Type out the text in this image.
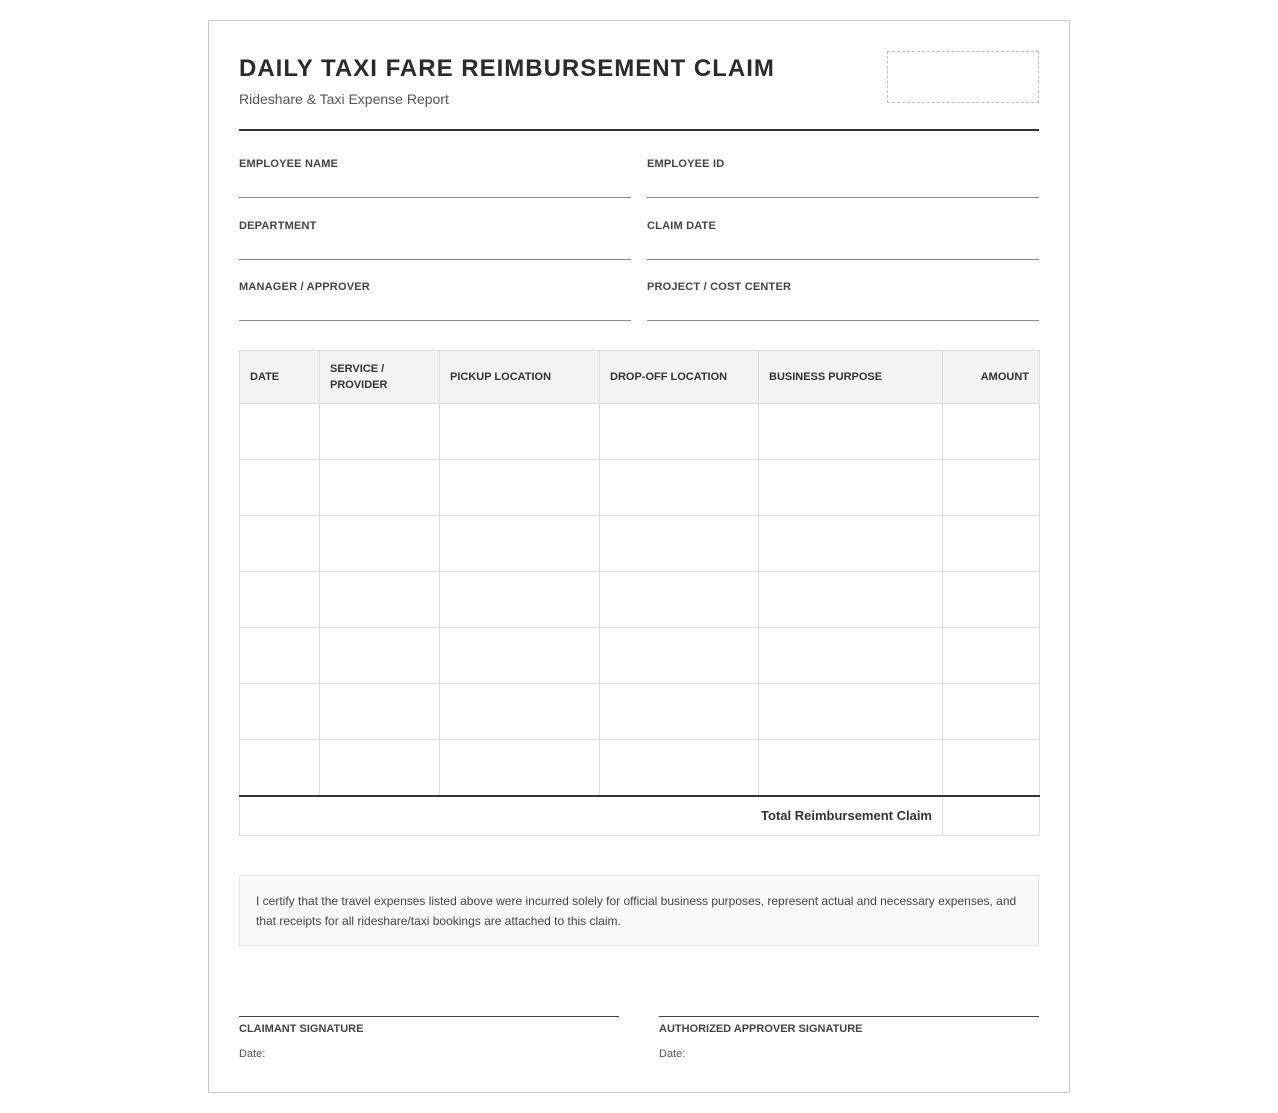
DAILY TAXI FARE REIMBURSEMENT CLAIM
Rideshare & Taxi Expense Report
EMPLOYEE NAME	EMPLOYEE ID
DEPARTMENT	CLAIM DATE
MANAGER / APPROVER	PROJECT / COST CENTER
DATE	SERVICE / PROVIDER	PICKUP LOCATION	DROP-OFF LOCATION	BUSINESS PURPOSE	AMOUNT

Total Reimbursement Claim					
I certify that the travel expenses listed above were incurred solely for official business purposes, represent actual and necessary expenses, and that receipts for all rideshare/taxi bookings are attached to this claim.
CLAIMANT SIGNATURE
Date:
AUTHORIZED APPROVER SIGNATURE
Date:
